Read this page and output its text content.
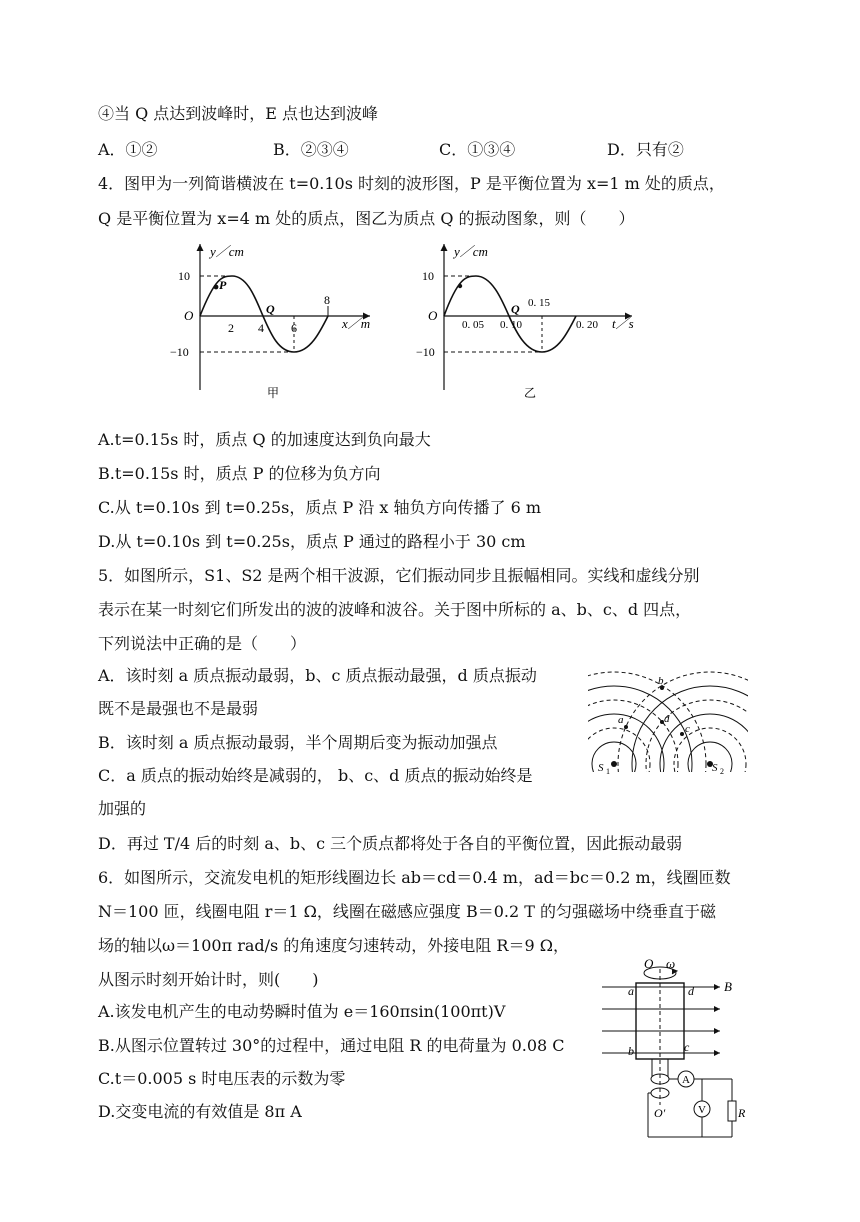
④当 Q 点达到波峰时，E 点也达到波峰
A．①②	B．②③④	C．①③④	D．只有②
4．图甲为一列简谐横波在 t=0.10s 时刻的波形图，P 是平衡位置为 x=1 m 处的质点，
Q 是平衡位置为 x=4 m 处的质点，图乙为质点 Q 的振动图象，则（　　）
y／cm
10
−10
O
P
Q
2 4 6
8
x／m
甲
y／cm
10
−10
O	Q
0. 05 0. 10
0. 15
0. 20 t／s
乙
A.t=0.15s 时，质点 Q 的加速度达到负向最大
B.t=0.15s 时，质点 P 的位移为负方向
C.从 t=0.10s 到 t=0.25s，质点 P 沿 x 轴负方向传播了 6 m
D.从 t=0.10s 到 t=0.25s，质点 P 通过的路程小于 30 cm
5．如图所示，S1、S2 是两个相干波源，它们振动同步且振幅相同。实线和虚线分别
表示在某一时刻它们所发出的波的波峰和波谷。关于图中所标的 a、b、c、d 四点，
下列说法中正确的是（　　）
A．该时刻 a 质点振动最弱，b、c 质点振动最强，d 质点振动
既不是最强也不是最弱
B．该时刻 a 质点振动最弱，半个周期后变为振动加强点
C．a 质点的振动始终是减弱的， b、c、d 质点的振动始终是
加强的
D．再过 T/4 后的时刻 a、b、c 三个质点都将处于各自的平衡位置，因此振动最弱
b
a	d
c
S 1	S 2
6．如图所示，交流发电机的矩形线圈边长 ab＝cd＝0.4 m，ad＝bc＝0.2 m，线圈匝数
N＝100 匝，线圈电阻 r＝1 Ω，线圈在磁感应强度 B＝0.2 T 的匀强磁场中绕垂直于磁
场的轴以ω＝100π rad/s 的角速度匀速转动，外接电阻 R＝9 Ω，
从图示时刻开始计时，则(　　)
A.该发电机产生的电动势瞬时值为 e＝160πsin(100πt)V
B.从图示位置转过 30°的过程中，通过电阻 R 的电荷量为 0.08 C
C.t＝0.005 s 时电压表的示数为零
D.交变电流的有效值是 8π A
O ω
B
a	d
b	c
A
V	R
O′
